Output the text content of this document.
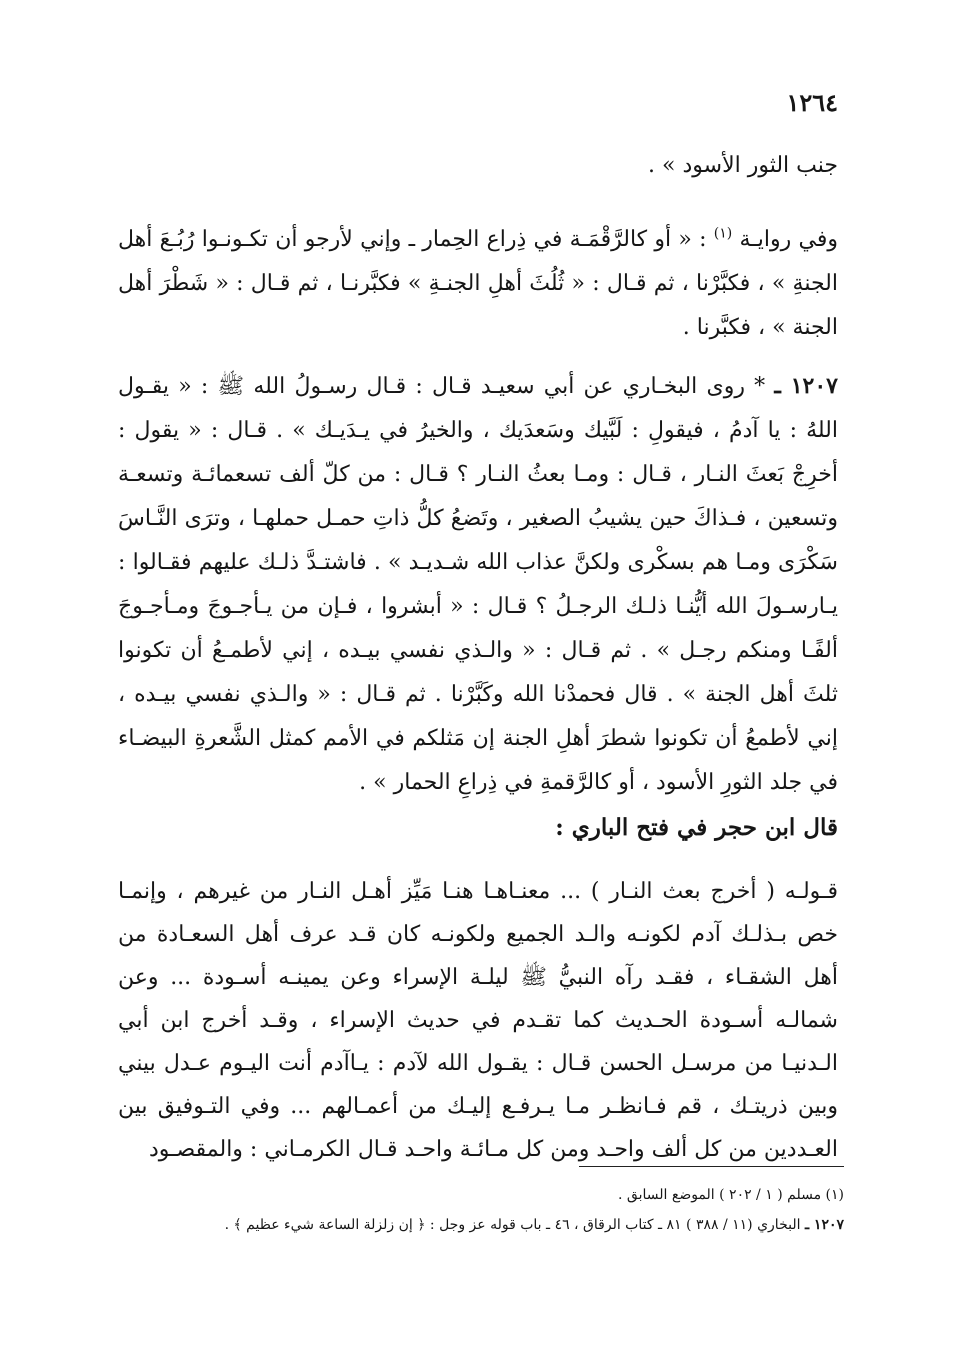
١٢٦٤

جنب الثور الأسود » .

وفي روايـة $^{(١)}$ : « أو كالرَّقْمَـة في ذِراع الحِمار ـ وإني لأرجو أن تكـونـوا رُبُـعَ أهل الجنةِ » ، فكبَّرْنا ، ثم قـال : « ثُلُثَ أهلِ الجنـةِ » فكبَّرنـا ، ثم قـال : « شَطْرَ أهل الجنة » ، فكبَّرنا .

١٢٠٧ ـ * روى البخـاري عن أبي سعيـد قـال : قـال رسـولُ الله ﷺ : « يقـول اللهُ : يا آدمُ ، فيقولِ : لَبَّيك وسَعدَيك ، والخيرُ في يـدَيـك » . قـال : « يقول : أخرِجْ بَعثَ النـار ، قـال : ومـا بعثُ النـار ؟ قـال : من كلّ ألف تسعمائـة وتسعـة وتسعين ، فـذاكَ حين يشيبُ الصغير ، وتَضعُ كلُّ ذاتِ حمـل حملهـا ، وترَى النَّـاسَ سَكْرَى ومـا هم بسكْرى ولكنَّ عذاب الله شـديـد » . فاشتـدَّ ذلـك عليهم فقـالوا : يـارسـولَ الله أيُّنـا ذلـك الرجـلُ ؟ قـال : « أبشروا ، فـإن من يـأجـوجَ ومـأجـوجَ ألفًـا ومنكم رجـل » . ثم قـال : « والـذي نفسي بيـده ، إني لأطمـعُ أن تكونوا ثلثَ أهل الجنة » . قال فحمدْنا الله وكَبَّرْنا . ثم قـال : « والـذي نفسي بيـده ، إني لأطمعُ أن تكونوا شطرَ أهلِ الجنة إن مَثلكم في الأمم كمثل الشَّعرةِ البيضـاء في جلد الثورِ الأسود ، أو كالرَّقمةِ في ذِراعِ الحمار » .

قال ابن حجر في فتح الباري :

قـولـه ( أخرج بعث النـار ) ... معنـاهـا هنـا مَيِّز أهـل النـار من غيرهم ، وإنمـا خص بـذلـك آدم لكونـه والـد الجميع ولكونـه كان قـد عرف أهل السعـادة من أهل الشقـاء ، فقـد رآه النبيُّ ﷺ ليلـة الإسراء وعن يمينـه أسـودة ... وعن شمالـه أسـودة الحـديث كما تقـدم في حديث الإسراء ، وقـد أخرج ابن أبي الـدنيـا من مرسـل الحسن قـال : يقـول الله لآدم : يـاآدم أنت اليـوم عـدل بيني وبين ذريتـك ، قم فـانظـر مـا يـرفـع إليـك من أعمـالهم ... وفي التـوفيق بين العـددين من كل ألف واحـد ومن كل مـائـة واحـد قـال الكرمـاني : والمقصـود

(١) مسلم ( ١ / ٢٠٢ ) الموضع السابق .
١٢٠٧ ـ البخاري (١١ / ٣٨٨ ) ٨١ ـ كتاب الرقاق ، ٤٦ ـ باب قوله عز وجل : ﴿ إن زلزلة الساعة شيء عظيم ﴾ .
